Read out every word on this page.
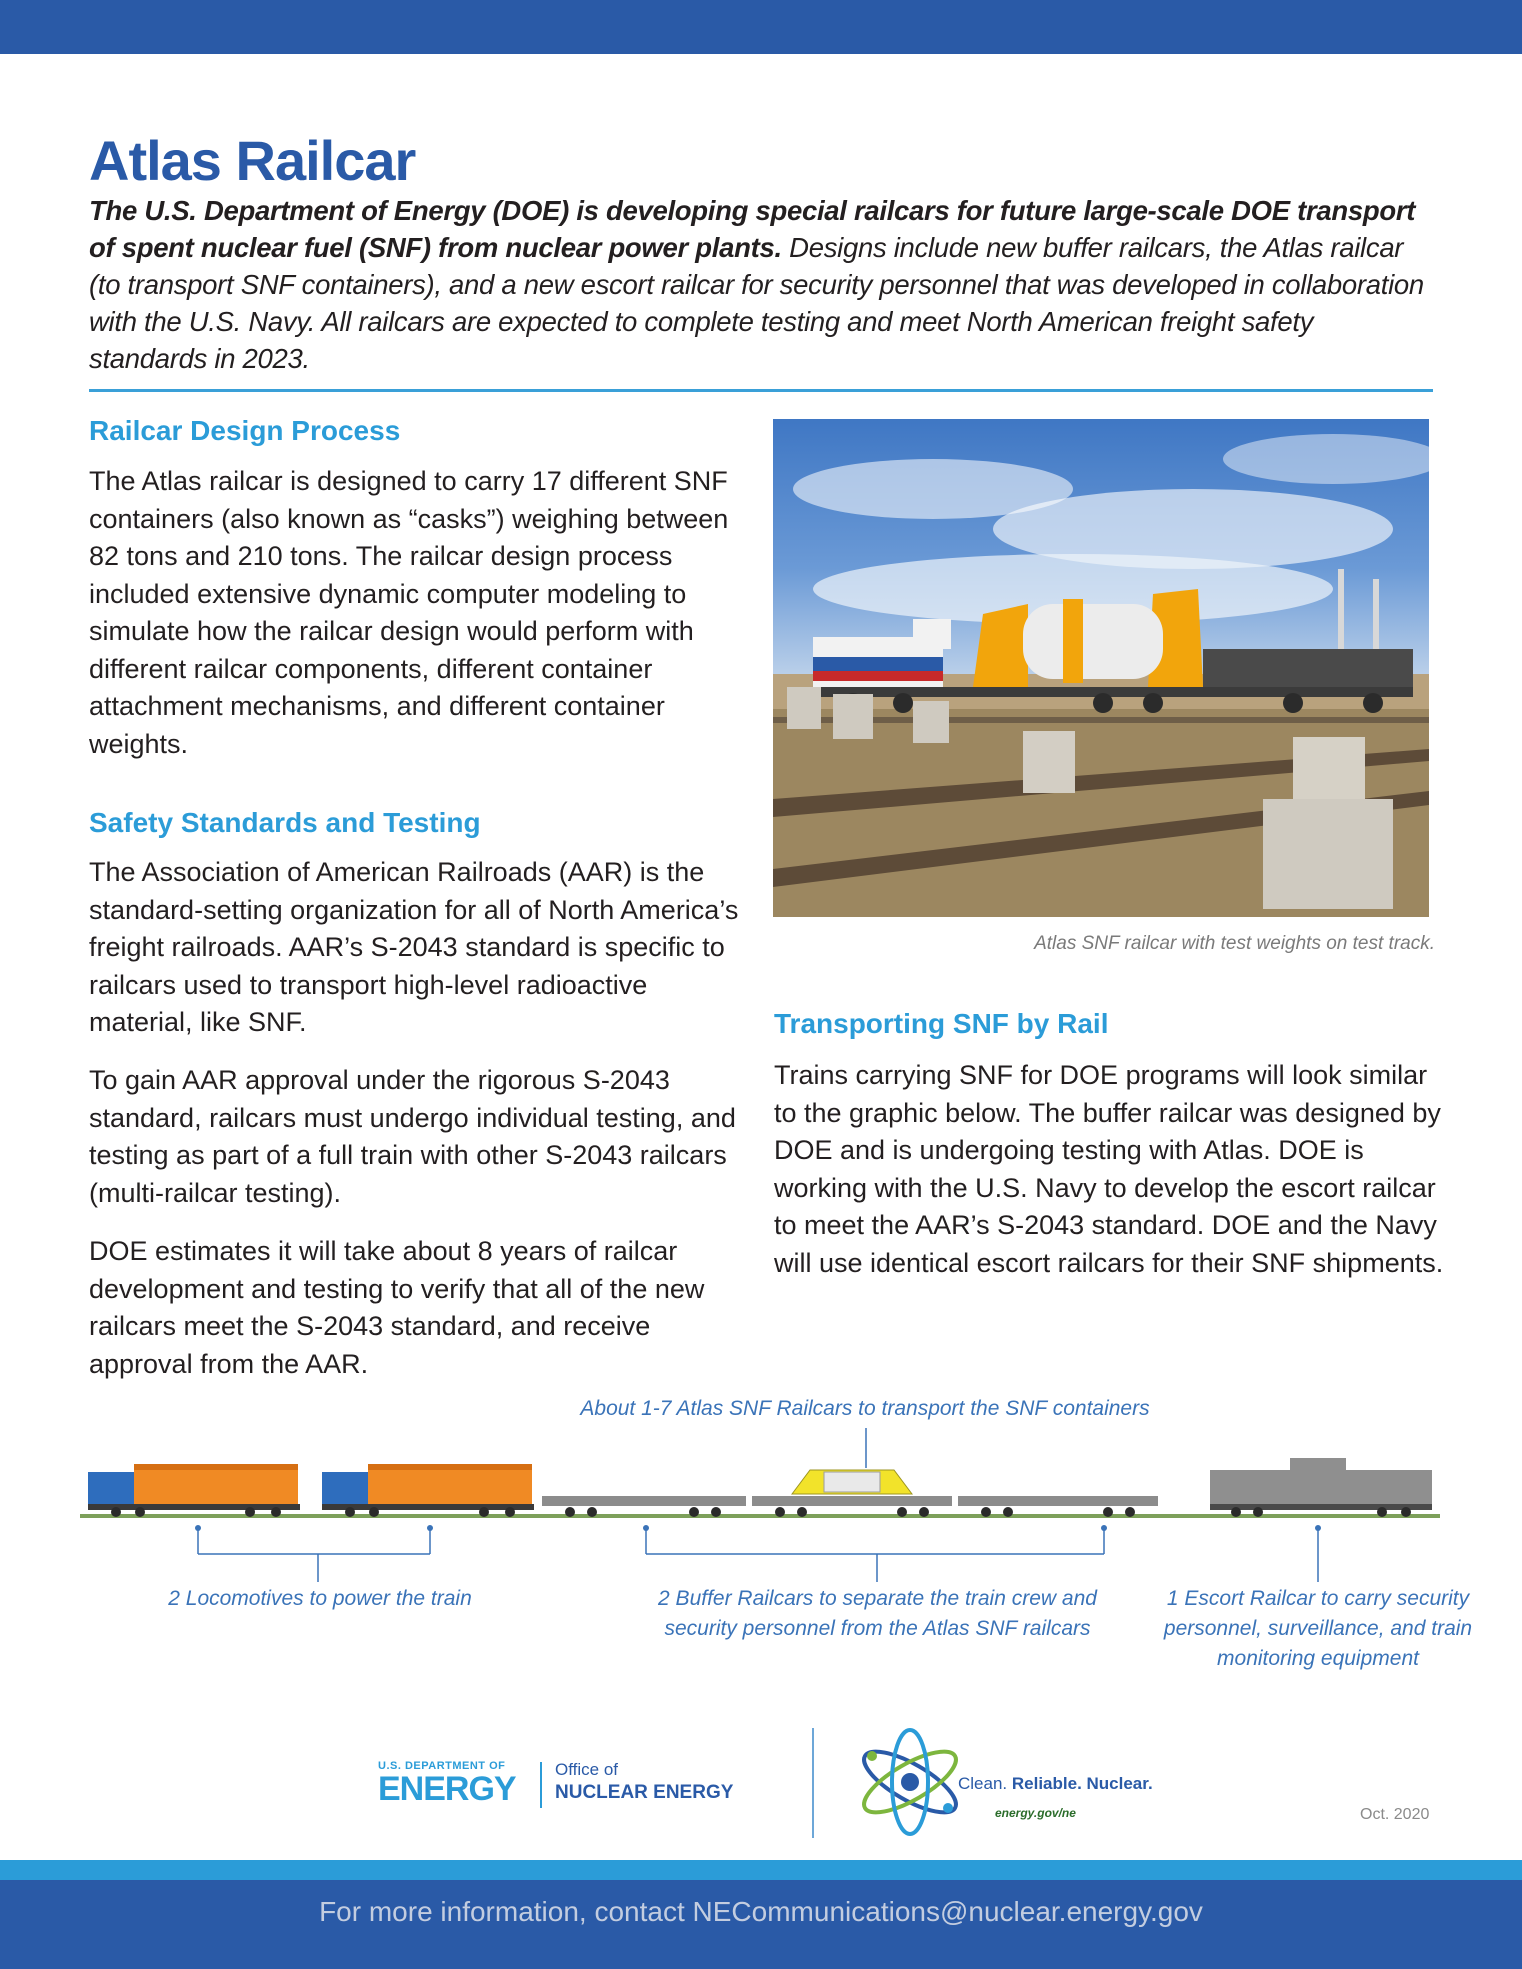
Atlas Railcar

The U.S. Department of Energy (DOE) is developing special railcars for future large-scale DOE transport of spent nuclear fuel (SNF) from nuclear power plants. Designs include new buffer railcars, the Atlas railcar (to transport SNF containers), and a new escort railcar for security personnel that was developed in collaboration with the U.S. Navy. All railcars are expected to complete testing and meet North American freight safety standards in 2023.

Railcar Design Process

The Atlas railcar is designed to carry 17 different SNF containers (also known as “casks”) weighing between 82 tons and 210 tons. The railcar design process included extensive dynamic computer modeling to simulate how the railcar design would perform with different railcar components, different container attachment mechanisms, and different container weights.

Safety Standards and Testing

The Association of American Railroads (AAR) is the standard-setting organization for all of North America’s freight railroads. AAR’s S-2043 standard is specific to railcars used to transport high-level radioactive material, like SNF.

To gain AAR approval under the rigorous S-2043 standard, railcars must undergo individual testing, and testing as part of a full train with other S-2043 railcars (multi-railcar testing).

DOE estimates it will take about 8 years of railcar development and testing to verify that all of the new railcars meet the S-2043 standard, and receive approval from the AAR.

Atlas SNF railcar with test weights on test track.
Transporting SNF by Rail

Trains carrying SNF for DOE programs will look similar to the graphic below. The buffer railcar was designed by DOE and is undergoing testing with Atlas. DOE is working with the U.S. Navy to develop the escort railcar to meet the AAR’s S-2043 standard. DOE and the Navy will use identical escort railcars for their SNF shipments.

About 1-7 Atlas SNF Railcars to transport the SNF containers
2 Locomotives to power the train	2 Buffer Railcars to separate the train crew and security personnel from the Atlas SNF railcars
1 Escort Railcar to carry security personnel, surveillance, and train monitoring equipment
U.S. DEPARTMENT OF
ENERGY
Office of
NUCLEAR ENERGY	Clean. Reliable. Nuclear.
energy.gov/ne	Oct. 2020
For more information, contact NECommunications@nuclear.energy.gov
